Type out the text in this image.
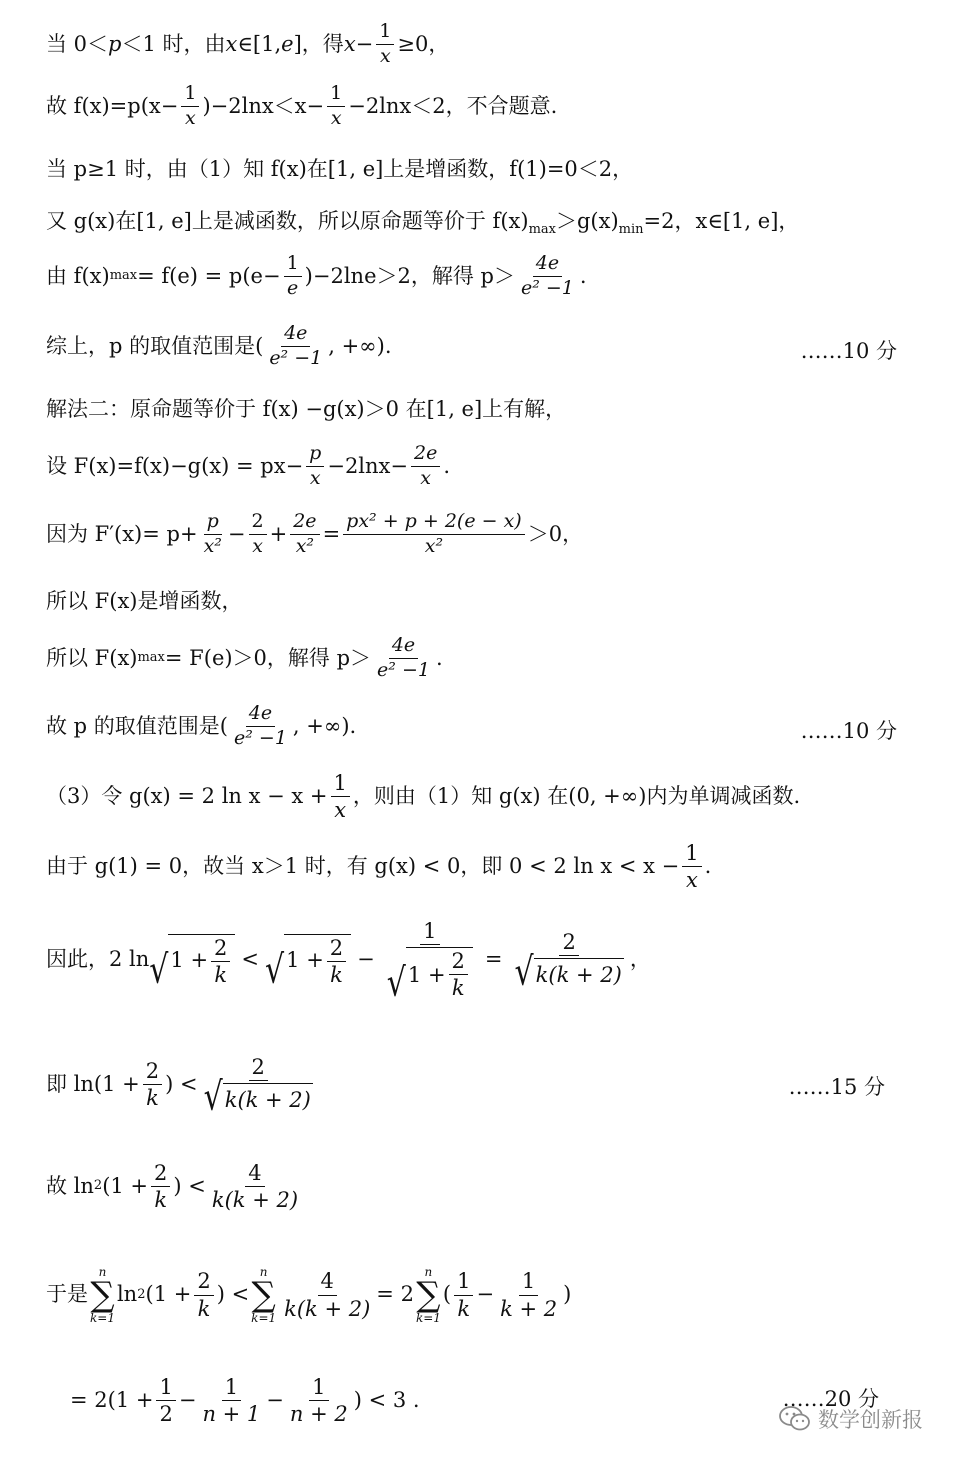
当 0＜ p ＜1 时，由 x ∈[1, e ]，得 $x - \frac{1}{x} \ge 0$，
故 $f(x)=p(x- \frac{1}{x} )-2\ln x<x- \frac{1}{x} -2\ln x<2$，不合题意.
当 p≥1 时，由（1）知 f(x)在[1, e]上是增函数，f(1)=0＜2，
又 g(x)在[1, e]上是减函数，所以原命题等价于 $f(x)_{max}>g(x)_{min}=2$，x∈[1, e]，
由 f(x) $\max = f(e) = p(e- \frac{1}{e} )-2\ln e>2$，解得 $p> \frac{4e}{\text{e² −1}}$ .
综上，p 的取值范围是( $\frac{4e}{\text{e² −1}}$ , +∞).	……10 分
解法二：原命题等价于 f(x) −g(x)＞0 在[1, e]上有解，
设 $F(x)=f(x)-g(x) = px- \frac{p}{x} -2\ln x- \frac{2e}{x}$ .
因为 $F'(x)= p+ \frac{p}{\text{x²}} - \frac{2}{x} + \frac{2e}{\text{x²}} = \frac{\text{px² + p + 2(e − x)}}{\text{x²}} >0$，
所以 F(x)是增函数，
所以 F(x) max = F(e)＞0，解得 $p> \frac{4e}{\text{e² −1}}$ .
故 p 的取值范围是( $\frac{4e}{\text{e² −1}}$ , +∞).	……10 分
（3）令 g(x) = 2 $\ln x - x + \frac{1}{x}$ ，则由（1）知 g(x) 在(0, +∞)内为单调减函数.
由于 g(1) = 0，故当 x＞1 时，有 g(x) < 0，即 0 < 2 $\ln x < x - \frac{1}{x}$ .
因此，2 ln √ $1 + \frac{2}{k}$ < √ $1 + \frac{2}{k} - \frac{1}{√ 1 + \frac{2}{k}} = \frac{2}{√ k(k + 2)}$ ，
即 $\ln(1 + \frac{2}{k}$ ) < $\frac{2}{√ k(k + 2)}$	……15 分
故 ln 2 ($1 + \frac{2}{k}$ ) < $\frac{4}{k(k + 2)}$
于是
n
∑
k=1
ln 2 ($1 + \frac{2}{k}$ ) <
n
∑
$k=1 \frac{4}{k(k + 2)} = 2$
n
∑
k=1
( $\frac{1}{k} - \frac{1}{k + 2}$ )
= $2(1 + \frac{1}{2} - \frac{1}{n + 1} - \frac{1}{n + 2}$ ) < 3 .	……20 分
数学创新报
